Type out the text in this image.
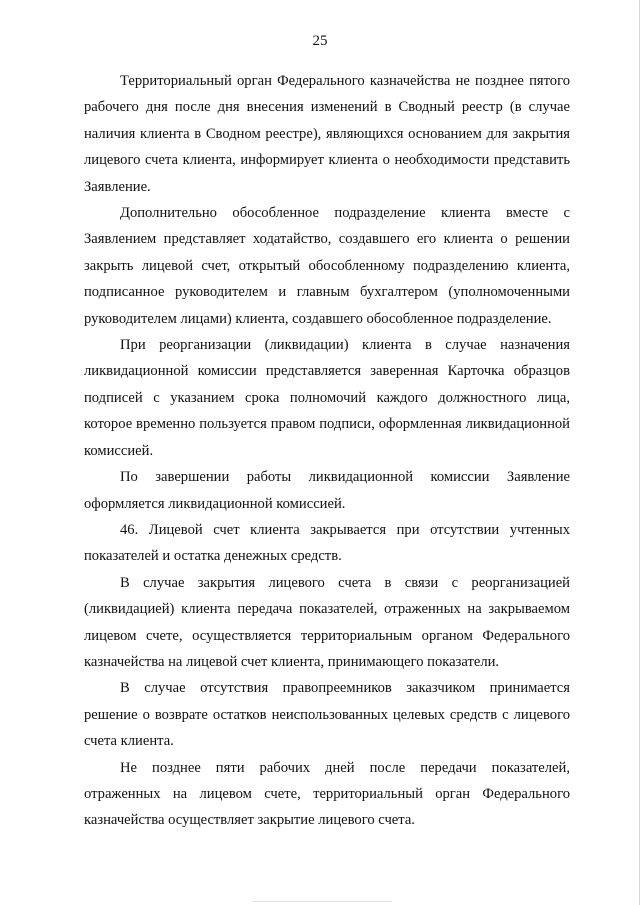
25

Территориальный орган Федерального казначейства не позднее пятого рабочего дня после дня внесения изменений в Сводный реестр (в случае наличия клиента в Сводном реестре), являющихся основанием для закрытия лицевого счета клиента, информирует клиента о необходимости представить Заявление.

Дополнительно обособленное подразделение клиента вместе с Заявлением представляет ходатайство, создавшего его клиента о решении закрыть лицевой счет, открытый обособленному подразделению клиента, подписанное руководителем и главным бухгалтером (уполномоченными руководителем лицами) клиента, создавшего обособленное подразделение.

При реорганизации (ликвидации) клиента в случае назначения ликвидационной комиссии представляется заверенная Карточка образцов подписей с указанием срока полномочий каждого должностного лица, которое временно пользуется правом подписи, оформленная ликвидационной комиссией.

По завершении работы ликвидационной комиссии Заявление оформляется ликвидационной комиссией.

46. Лицевой счет клиента закрывается при отсутствии учтенных показателей и остатка денежных средств.

В случае закрытия лицевого счета в связи с реорганизацией (ликвидацией) клиента передача показателей, отраженных на закрываемом лицевом счете, осуществляется территориальным органом Федерального казначейства на лицевой счет клиента, принимающего показатели.

В случае отсутствия правопреемников заказчиком принимается решение о возврате остатков неиспользованных целевых средств с лицевого счета клиента.

Не позднее пяти рабочих дней после передачи показателей, отраженных на лицевом счете, территориальный орган Федерального казначейства осуществляет закрытие лицевого счета.
